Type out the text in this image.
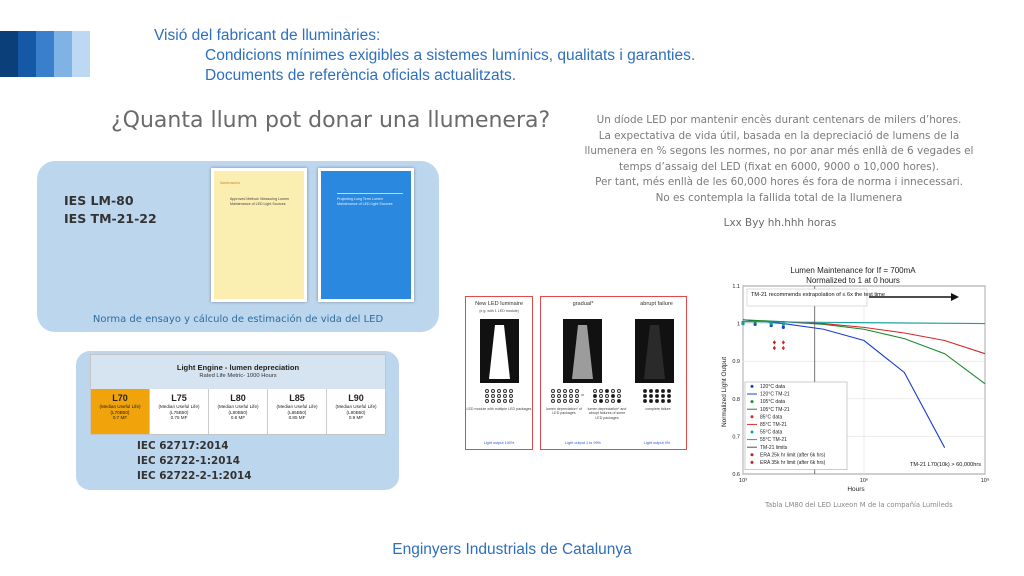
Visió del fabricant de lluminàries:
Condicions mínimes exigibles a sistemes lumínics, qualitats i garanties.
Documents de referència oficials actualitzats.
¿Quanta llum pot donar una llumenera?	Un díode LED por mantenir encès durant centenars de milers d’hores.
La expectativa de vida útil, basada en la depreciació de lumens de la
llumenera en % segons les normes, no por anar més enllà de 6 vegades el
temps d’assaig del LED (fixat en 6000, 9000 o 10,000 hores).
Per tant, més enllà de les 60,000 hores és fora de norma i innecessari.
No es contempla la fallida total de la llumenera
Lxx Byy hh.hhh horas
IES LM-80
IES TM-21-22
iluminación
Approved Method: Measuring Lumen Maintenance of LED Light Sources
Projecting Long Term Lumen Maintenance of LED Light Sources
Norma de ensayo y cálculo de estimación de vida del LED
Light Engine - lumen depreciation
Rated Life Metric- 1000 Hours
L70
(Median Useful Life)
(L70B50)
0.7 MF
L75
(Median Useful Life)
(L75B50)
0.75 MF
L80
(Median Useful Life)
(L80B50)
0.8 MF
L85
(Median Useful Life)
(L85B50)
0.85 MF
L90
(Median Useful Life)
(L90B50)
0.9 MF
IEC 62717:2014
IEC 62722-1:2014
IEC 62722-2-1:2014
New LED luminaire
(e.g. with 1 LED module)
LED module with multiple LED packages
Light output 100%
gradual*	abrupt failure
or
lumen depreciation* of LED packages
lumen depreciation* and abrupt failures of some LED packages
complete failure
Light output 1 to 99%	Light output 0%
Lumen Maintenance for If = 700mA
Normalized to 1 at 0 hours
Hours
Normalized Light Output
0.6
0.7
0.8
0.9
1
1.1
10³	10⁶	10⁹
TM-21 recommends extrapolation of ≤ 6x the test time
TM-21 L70(10k) > 60,000hrs
120°C data
120°C TM-21
105°C data
105°C TM-21
85°C data
85°C TM-21
55°C data
55°C TM-21
TM-21 limits
ERA 25k hr limit (after 6k hrs)
ERA 35k hr limit (after 6k hrs)
Tabla LM80 del LED Luxeon M de la compañía Lumileds
Enginyers Industrials de Catalunya
